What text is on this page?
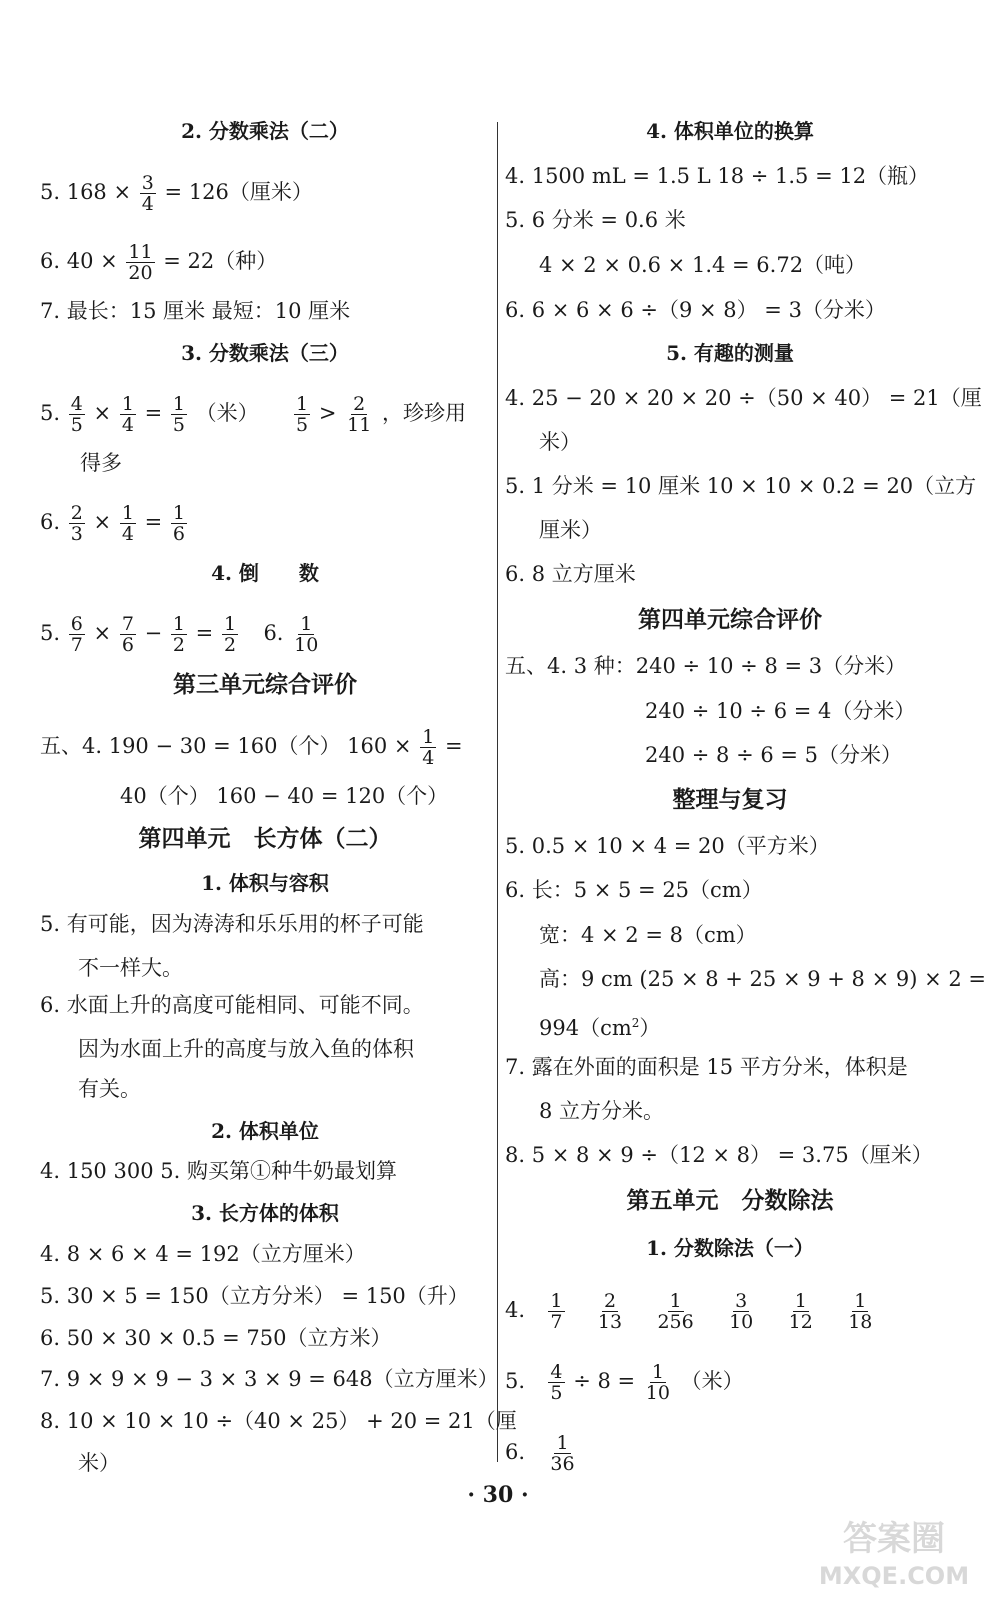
2. 分数乘法（二）
5. $168 \times \frac{3}{4} = 126$（厘米）
6. $40 \times \frac{11}{20} = 22$（种）
7. 最长：15 厘米 最短：10 厘米
3. 分数乘法（三）
5. $\frac{4}{5} \times \frac{1}{4} = \frac{1}{5}$ （米） $\frac{1}{5} > \frac{2}{11}$ ，珍珍用
得多
6. $\frac{2}{3} \times \frac{1}{4} = \frac{1}{6}$
4. 倒　　数
5. $\frac{6}{7} \times \frac{7}{6} - \frac{1}{2} = \frac{1}{2} 6$. $\frac{1}{10}$
第三单元综合评价
五、4. 190 − 30 = 160（个） $160 \times \frac{1}{4}$ =
40（个） 160 − 40 = 120（个）
第四单元　长方体（二）
1. 体积与容积
5. 有可能，因为涛涛和乐乐用的杯子可能
不一样大。
6. 水面上升的高度可能相同、可能不同。
因为水面上升的高度与放入鱼的体积
有关。
2. 体积单位
4. 150 300 5. 购买第①种牛奶最划算
3. 长方体的体积
4. 8 × 6 × 4 = 192（立方厘米）
5. 30 × 5 = 150（立方分米） = 150（升）
6. 50 × 30 × 0.5 = 750（立方米）
7. 9 × 9 × 9 − 3 × 3 × 9 = 648（立方厘米）
8. 10 × 10 × 10 ÷（40 × 25） + 20 = 21（厘
米）
4. 体积单位的换算
4. 1500 mL = 1.5 L 18 ÷ 1.5 = 12（瓶）
5. 6 分米 = 0.6 米
4 × 2 × 0.6 × 1.4 = 6.72（吨）
6. 6 × 6 × 6 ÷（9 × 8） = 3（分米）
5. 有趣的测量
4. 25 − 20 × 20 × 20 ÷（50 × 40） = 21（厘
米）
5. 1 分米 = 10 厘米 10 × 10 × 0.2 = 20（立方
厘米）
6. 8 立方厘米
第四单元综合评价
五、4. 3 种：240 ÷ 10 ÷ 8 = 3（分米）
240 ÷ 10 ÷ 6 = 4（分米）
240 ÷ 8 ÷ 6 = 5（分米）
整理与复习
5. 0.5 × 10 × 4 = 20（平方米）
6. 长：5 × 5 = 25（cm）
宽：4 × 2 = 8（cm）
高：9 cm (25 × 8 + 25 × 9 + 8 × 9) × 2 =
$994(cm^2)$
7. 露在外面的面积是 15 平方分米，体积是
8 立方分米。
8. 5 × 8 × 9 ÷（12 × 8） = 3.75（厘米）
第五单元　分数除法
1. 分数除法（一）
4. $\frac{1}{7}$
$\frac{2}{13}$
$\frac{1}{256}$
$\frac{3}{10}$
$\frac{1}{12}$
$\frac{1}{18}$
5. $\frac{4}{5} \div 8 = \frac{1}{10}$ （米）
6. $\frac{1}{36}$
· 30 ·
答案圈
MXQE.COM
